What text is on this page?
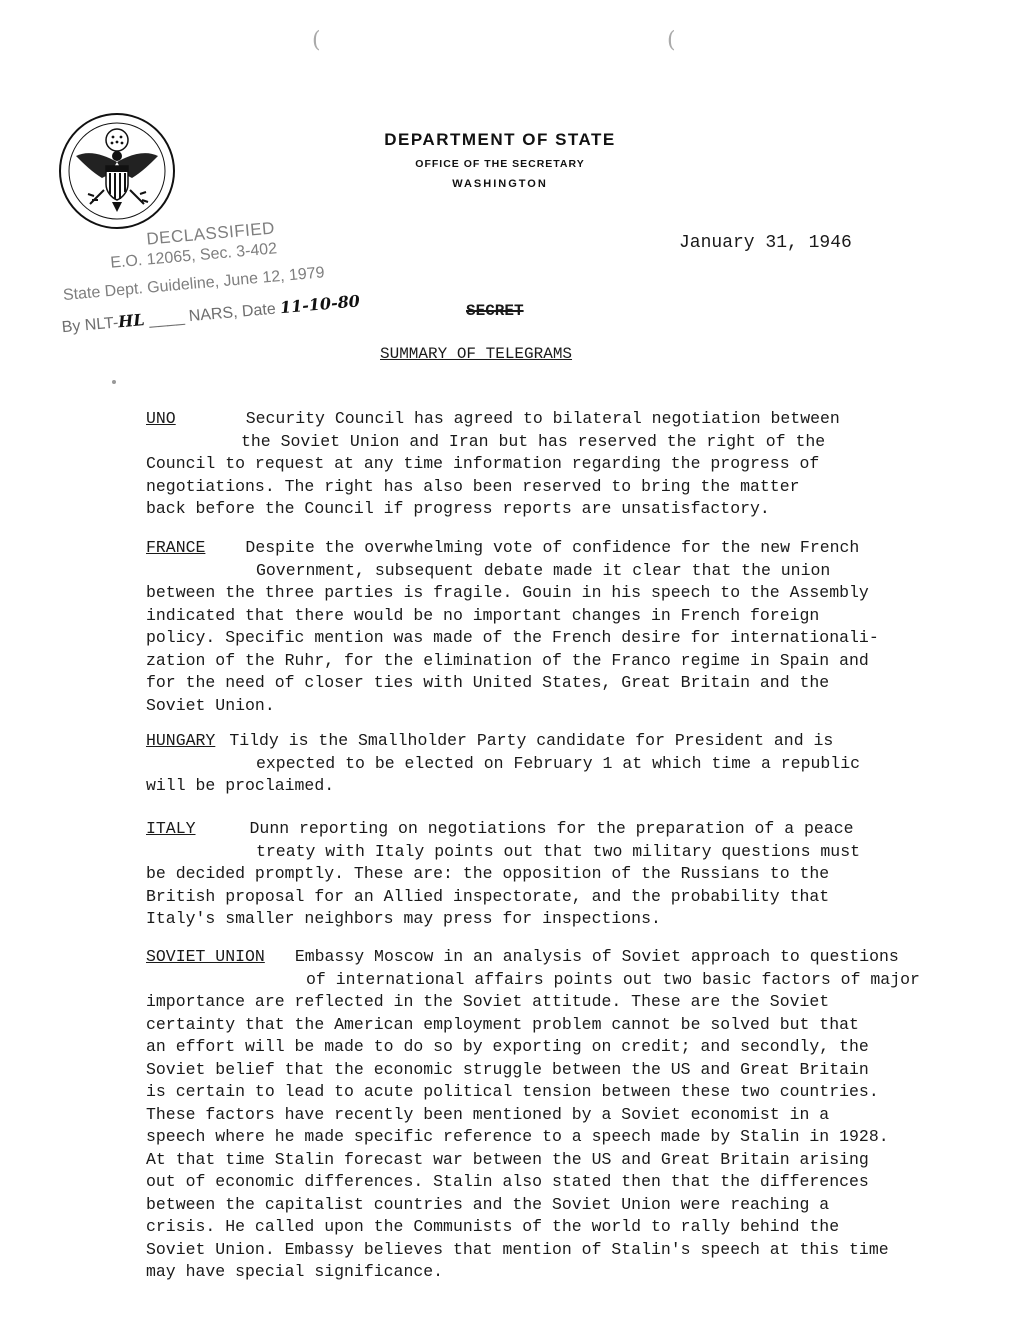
(	(
DEPARTMENT OF STATE
OFFICE OF THE SECRETARY
WASHINGTON
January 31, 1946
DECLASSIFIED
E.O. 12065, Sec. 3-402
State Dept. Guideline, June 12, 1979
By NLT-HL ____ NARS, Date 11-10-80	SECRET
SUMMARY OF TELEGRAMS
UNO	Security Council has agreed to bilateral negotiation between
the Soviet Union and Iran but has reserved the right of the
Council to request at any time information regarding the progress of
negotiations. The right has also been reserved to bring the matter
back before the Council if progress reports are unsatisfactory.
FRANCE Despite the overwhelming vote of confidence for the new French
Government, subsequent debate made it clear that the union
between the three parties is fragile. Gouin in his speech to the Assembly
indicated that there would be no important changes in French foreign
policy. Specific mention was made of the French desire for internationali-
zation of the Ruhr, for the elimination of the Franco regime in Spain and
for the need of closer ties with United States, Great Britain and the
Soviet Union.
HUNGARY Tildy is the Smallholder Party candidate for President and is
expected to be elected on February 1 at which time a republic
will be proclaimed.
ITALY	Dunn reporting on negotiations for the preparation of a peace
treaty with Italy points out that two military questions must
be decided promptly. These are: the opposition of the Russians to the
British proposal for an Allied inspectorate, and the probability that
Italy's smaller neighbors may press for inspections.
SOVIET UNION Embassy Moscow in an analysis of Soviet approach to questions
of international affairs points out two basic factors of major
importance are reflected in the Soviet attitude. These are the Soviet
certainty that the American employment problem cannot be solved but that
an effort will be made to do so by exporting on credit; and secondly, the
Soviet belief that the economic struggle between the US and Great Britain
is certain to lead to acute political tension between these two countries.
These factors have recently been mentioned by a Soviet economist in a
speech where he made specific reference to a speech made by Stalin in 1928.
At that time Stalin forecast war between the US and Great Britain arising
out of economic differences. Stalin also stated then that the differences
between the capitalist countries and the Soviet Union were reaching a
crisis. He called upon the Communists of the world to rally behind the
Soviet Union. Embassy believes that mention of Stalin's speech at this time
may have special significance.
